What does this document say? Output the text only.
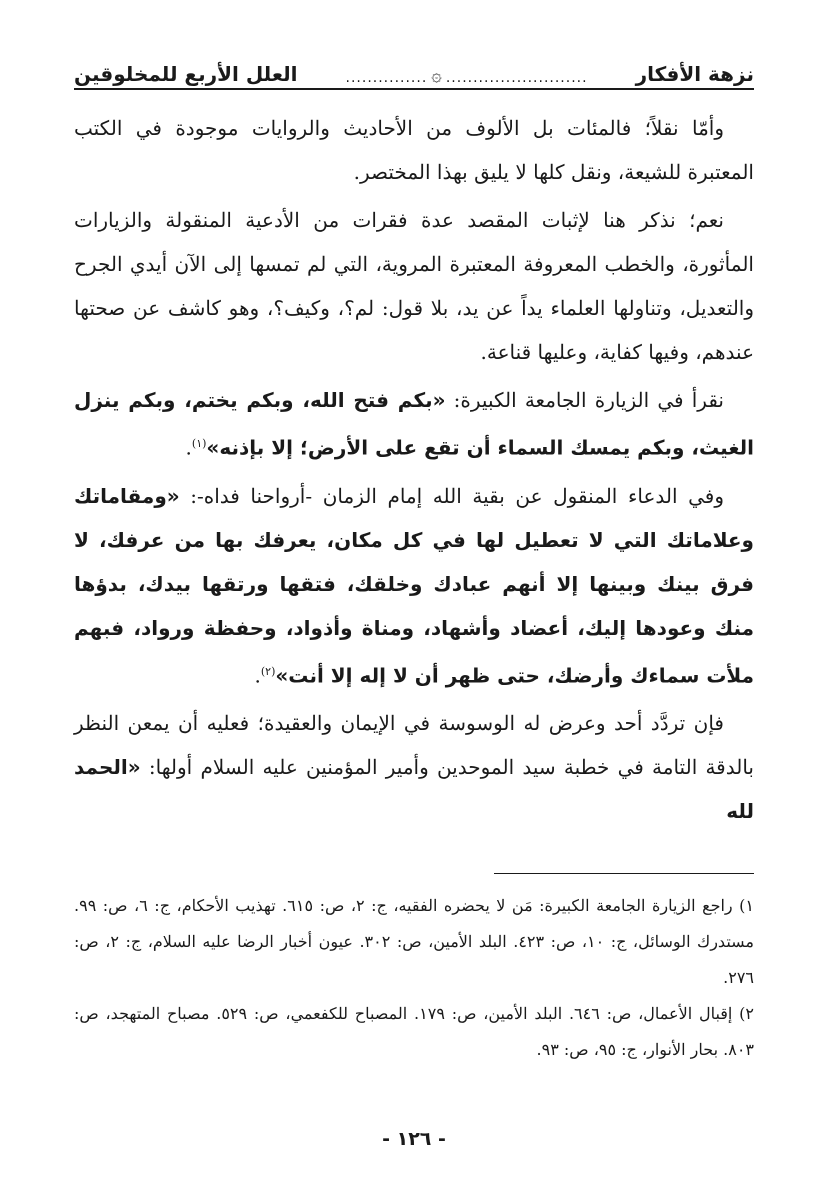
نزهة الأفكار
..........................
۞
...............
العلل الأربع للمخلوقين

وأمّا نقلاً؛ فالمئات بل الألوف من الأحاديث والروايات موجودة في الكتب المعتبرة للشيعة، ونقل كلها لا يليق بهذا المختصر.

نعم؛ نذكر هنا لإثبات المقصد عدة فقرات من الأدعية المنقولة والزيارات المأثورة، والخطب المعروفة المعتبرة المروية، التي لم تمسها إلى الآن أيدي الجرح والتعديل، وتناولها العلماء يداً عن يد، بلا قول: لم؟، وكيف؟، وهو كاشف عن صحتها عندهم، وفيها كفاية، وعليها قناعة.

نقرأ في الزيارة الجامعة الكبيرة: «بكم فتح الله، وبكم يختم، وبكم ينزل الغيث، وبكم يمسك السماء أن تقع على الأرض؛ إلا بإذنه»$^{(١)}$.

وفي الدعاء المنقول عن بقية الله إمام الزمان -أرواحنا فداه-: «ومقاماتك وعلاماتك التي لا تعطيل لها في كل مكان، يعرفك بها من عرفك، لا فرق بينك وبينها إلا أنهم عبادك وخلقك، فتقها ورتقها بيدك، بدؤها منك وعودها إليك، أعضاد وأشهاد، ومناة وأذواد، وحفظة ورواد، فبهم ملأت سماءك وأرضك، حتى ظهر أن لا إله إلا أنت»$^{(٢)}$.

فإن تردَّد أحد وعرض له الوسوسة في الإيمان والعقيدة؛ فعليه أن يمعن النظر بالدقة التامة في خطبة سيد الموحدين وأمير المؤمنين عليه السلام أولها: «الحمد لله

١) راجع الزيارة الجامعة الكبيرة: مَن لا يحضره الفقيه، ج: ٢، ص: ٦١٥. تهذيب الأحكام، ج: ٦، ص: ٩٩. مستدرك الوسائل، ج: ١٠، ص: ٤٢٣. البلد الأمين، ص: ٣٠٢. عيون أخبار الرضا عليه السلام، ج: ٢، ص: ٢٧٦.

٢) إقبال الأعمال، ص: ٦٤٦. البلد الأمين، ص: ١٧٩. المصباح للكفعمي، ص: ٥٢٩. مصباح المتهجد، ص: ٨٠٣. بحار الأنوار، ج: ٩٥، ص: ٩٣.

- ١٢٦ -
